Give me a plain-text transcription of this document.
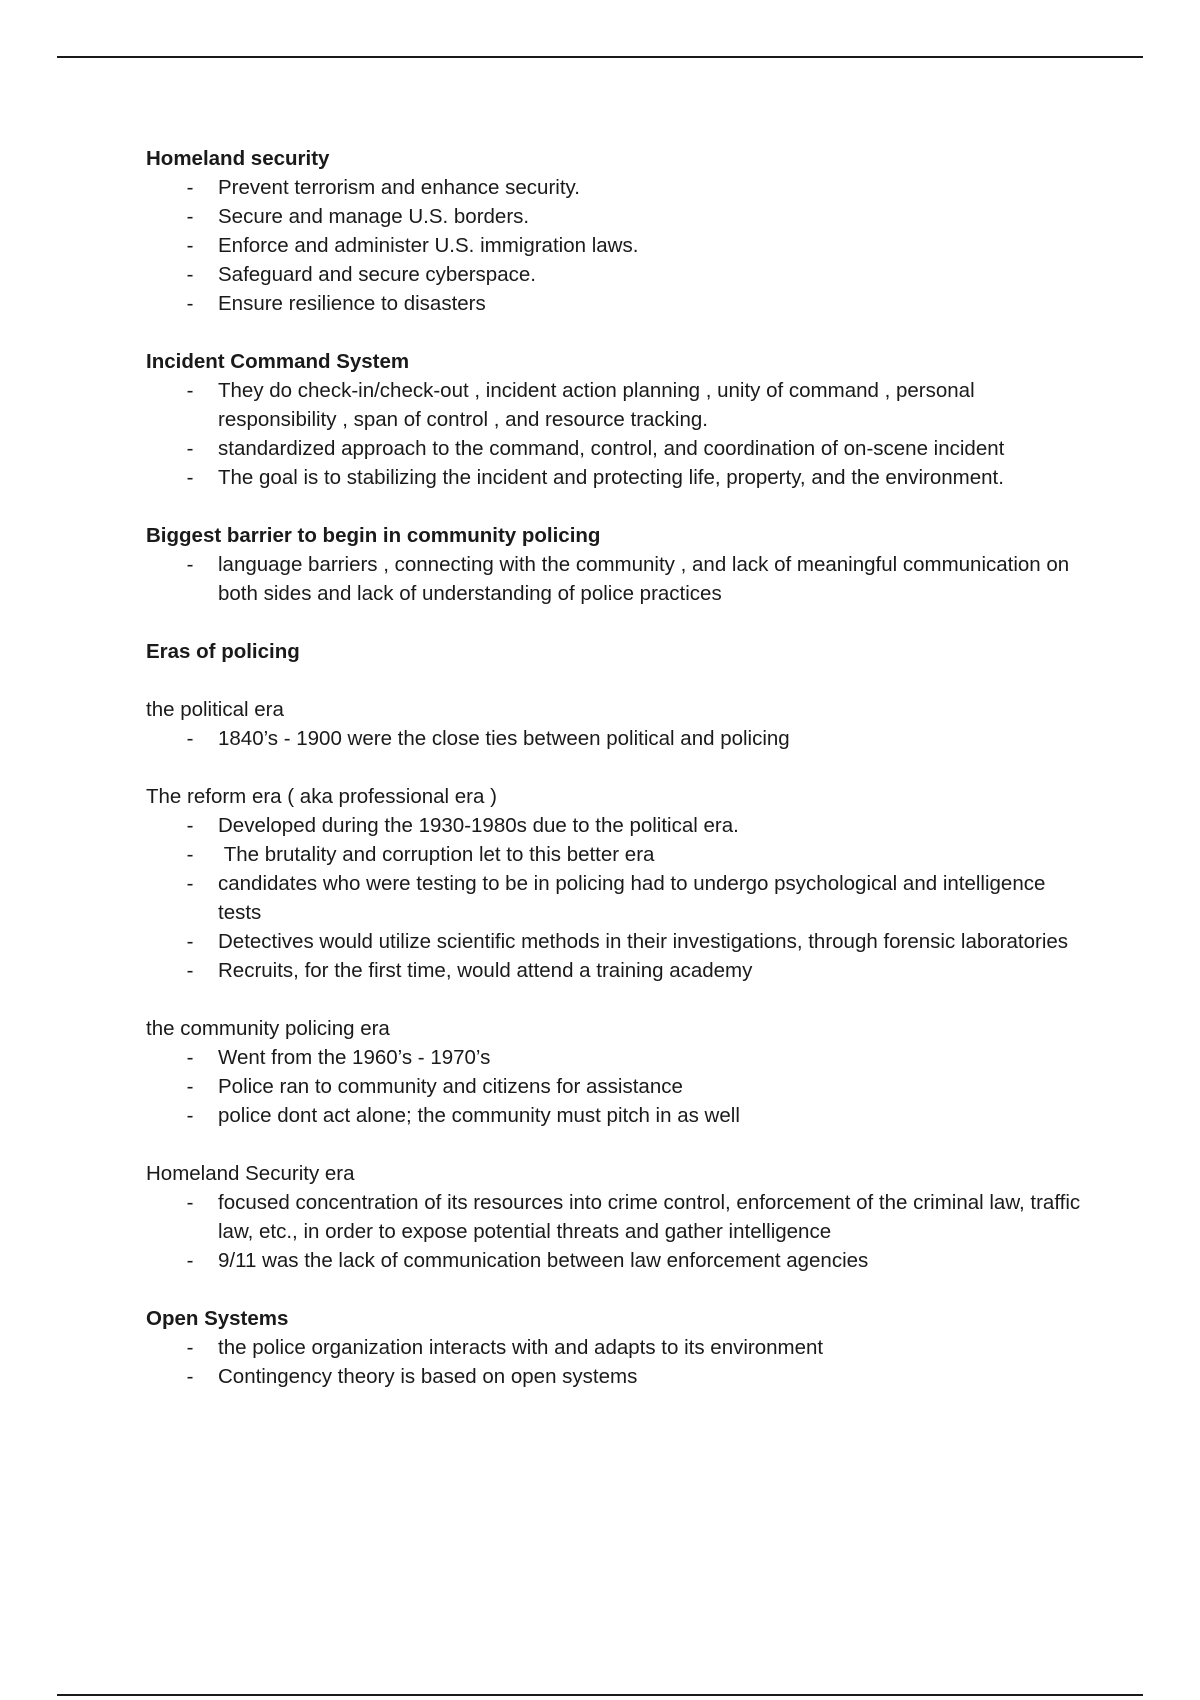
Homeland security
- Prevent terrorism and enhance security.
- Secure and manage U.S. borders.
- Enforce and administer U.S. immigration laws.
- Safeguard and secure cyberspace.
- Ensure resilience to disasters
Incident Command System
- They do check-in/check-out , incident action planning , unity of command , personal responsibility , span of control , and resource tracking.
- standardized approach to the command, control, and coordination of on-scene incident
- The goal is to stabilizing the incident and protecting life, property, and the environment.
Biggest barrier to begin in community policing
- language barriers , connecting with the community , and lack of meaningful communication on both sides and lack of understanding of police practices
Eras of policing
the political era
- 1840’s - 1900 were the close ties between political and policing
The reform era ( aka professional era )
- Developed during the 1930-1980s due to the political era.
- The brutality and corruption let to this better era
- candidates who were testing to be in policing had to undergo psychological and intelligence tests
- Detectives would utilize scientific methods in their investigations, through forensic laboratories
- Recruits, for the first time, would attend a training academy
the community policing era
- Went from the 1960’s - 1970’s
- Police ran to community and citizens for assistance
- police dont act alone; the community must pitch in as well
Homeland Security era
- focused concentration of its resources into crime control, enforcement of the criminal law, traffic law, etc., in order to expose potential threats and gather intelligence
- 9/11 was the lack of communication between law enforcement agencies
Open Systems
- the police organization interacts with and adapts to its environment
- Contingency theory is based on open systems
